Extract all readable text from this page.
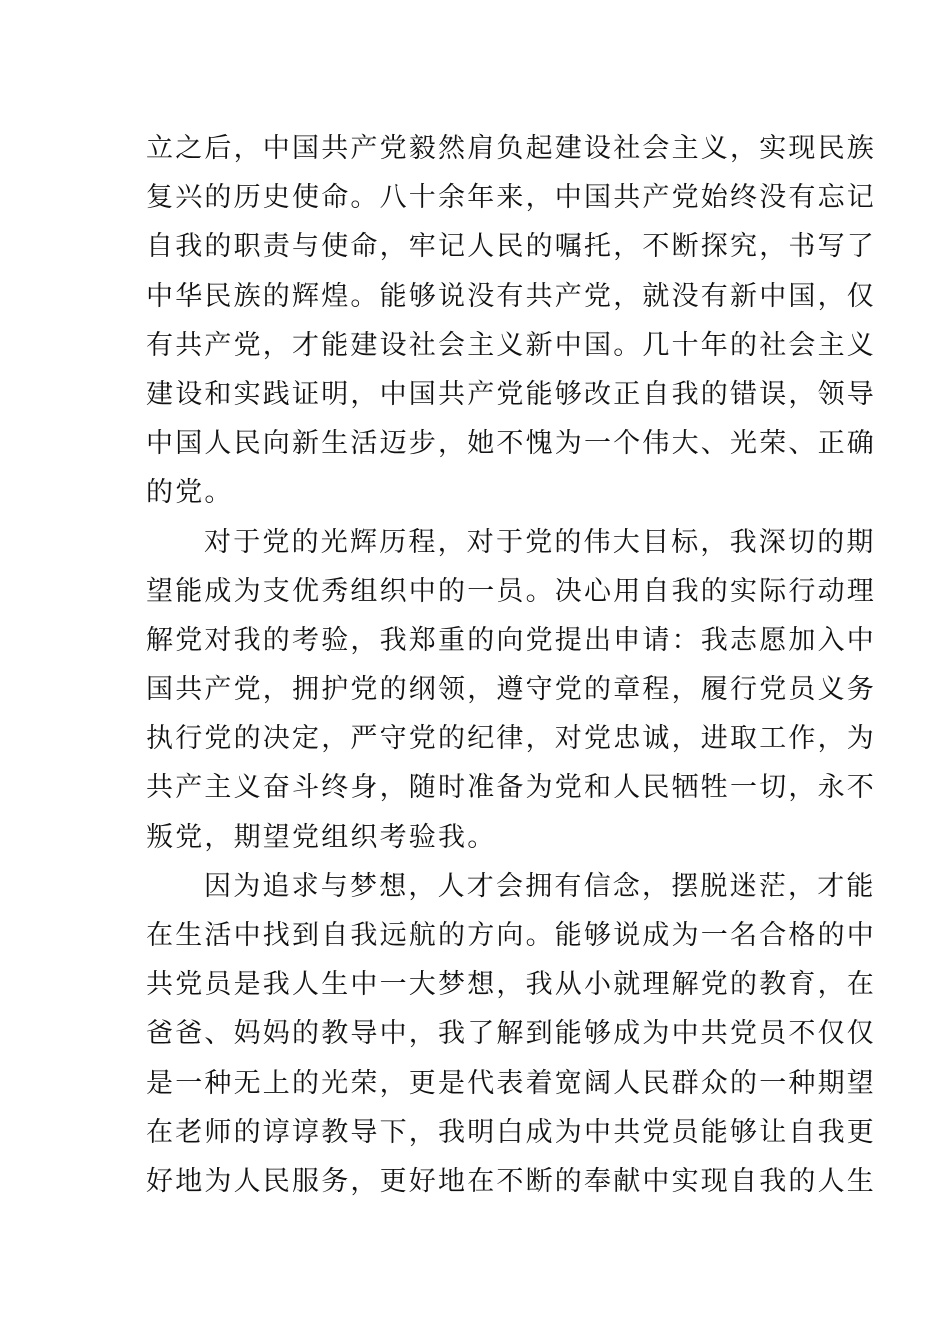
立之后，中国共产党毅然肩负起建设社会主义，实现民族
复兴的历史使命。八十余年来，中国共产党始终没有忘记
自我的职责与使命，牢记人民的嘱托，不断探究，书写了
中华民族的辉煌。能够说没有共产党，就没有新中国，仅
有共产党，才能建设社会主义新中国。几十年的社会主义
建设和实践证明，中国共产党能够改正自我的错误，领导
中国人民向新生活迈步，她不愧为一个伟大、光荣、正确
的党。
对于党的光辉历程，对于党的伟大目标，我深切的期
望能成为支优秀组织中的一员。决心用自我的实际行动理
解党对我的考验，我郑重的向党提出申请：我志愿加入中
国共产党，拥护党的纲领，遵守党的章程，履行党员义务
执行党的决定，严守党的纪律，对党忠诚，进取工作，为
共产主义奋斗终身，随时准备为党和人民牺牲一切，永不
叛党，期望党组织考验我。
因为追求与梦想，人才会拥有信念，摆脱迷茫，才能
在生活中找到自我远航的方向。能够说成为一名合格的中
共党员是我人生中一大梦想，我从小就理解党的教育，在
爸爸、妈妈的教导中，我了解到能够成为中共党员不仅仅
是一种无上的光荣，更是代表着宽阔人民群众的一种期望
在老师的谆谆教导下，我明白成为中共党员能够让自我更
好地为人民服务，更好地在不断的奉献中实现自我的人生
